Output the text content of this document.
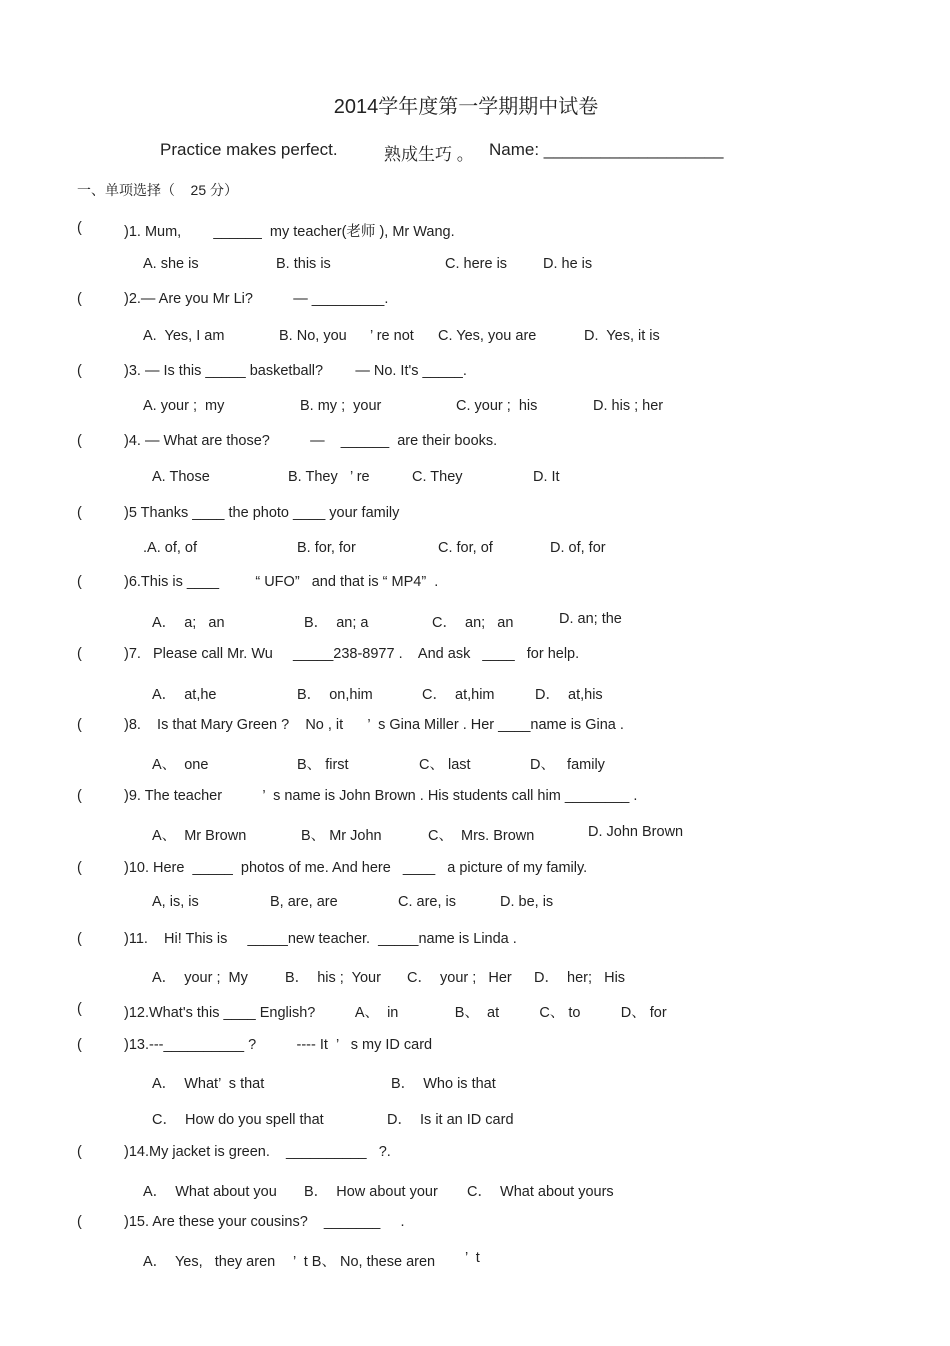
2014学年度第一学期期中试卷
Practice makes perfect.	熟成生巧 。 Name: ___________________
一、单项选择（    25 分）
(	)1. Mum,        ______  my teacher(老师 ), Mr Wang.
A. she is	B. this is	C. here is D. he is
(	)2.— Are you Mr Li?          — _________.
A.  Yes, I am	B. No, you ’ re not C. Yes, you are	D.  Yes, it is
(	)3. — Is this _____ basketball?        — No. It's _____.
A. your ;  my	B. my ;  your	C. your ;  his	D. his ; her
(	)4. — What are those?          —    ______  are their books.
A. Those	B. They ’ re	C. They	D. It
(	)5 Thanks ____ the photo ____ your family
.A. of, of	B. for, for	C. for, of	D. of, for
(	)6.This is ____         “ UFO”   and that is “ MP4”  .
A．  a;   an	B．  an; a	C．  an;   an	D. an; the
(	)7.   Please call Mr. Wu     _____238-8977 .    And ask   ____   for help.
A．  at,he	B．  on,him	C．  at,him	D．  at,his
(	)8.    Is that Mary Green ?    No , it      ’  s Gina Miller . Her ____name is Gina .
A、  one	B、 first	C、 last	D、   family
(	)9. The teacher          ’  s name is John Brown . His students call him ________ .
A、  Mr Brown	B、 Mr John	C、  Mrs. Brown	D. John Brown
(	)10. Here  _____  photos of me. And here   ____   a picture of my family.
A, is, is	B, are, are	C. are, is	D. be, is
(	)11.    Hi! This is     _____new teacher.  _____name is Linda .
A．  your ;  My	B．  his ;  Your C．  your ;   Her D．  her;   His
(	)12.What's this ____ English?          A、  in              B、  at          C、 to          D、 for
(	)13.---__________ ?          ---- It  ’   s my ID card
A．  What’  s that	B．  Who is that
C．  How do you spell that	D．  Is it an ID card
(	)14.My jacket is green.    __________   ?.
A．  What about you B．  How about your C．  What about yours
(	)15. Are these your cousins?    _______     .
A．  Yes,   they aren ’  t B、 No, these aren ’  t
